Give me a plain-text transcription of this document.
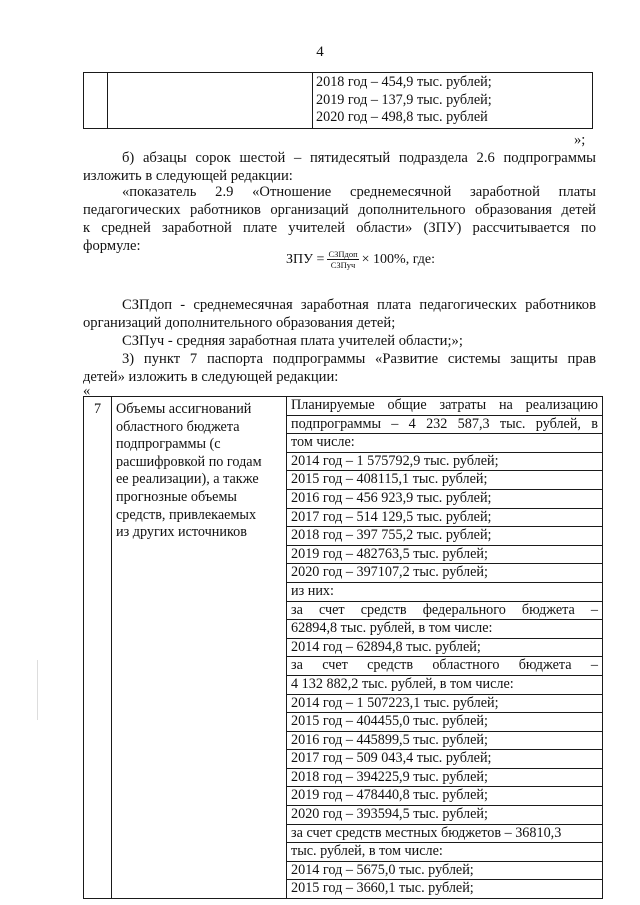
4

2018 год – 454,9 тыс. рублей;
2019 год – 137,9 тыс. рублей;
2020 год – 498,8 тыс. рублей
»;
б) абзацы сорок шестой – пятидесятый подраздела 2.6 подпрограммы
изложить в следующей редакции:
«показатель 2.9 «Отношение среднемесячной заработной платы
педагогических работников организаций дополнительного образования детей
к средней заработной плате учителей области» (ЗПУ) рассчитывается по
формуле:
ЗПУ = $\frac{\text{СЗПдоп}}{\text{СЗПуч}} \times 100\%$, где:
СЗПдоп - среднемесячная заработная плата педагогических работников
организаций дополнительного образования детей;
СЗПуч - средняя заработная плата учителей области;»;
3) пункт 7 паспорта подпрограммы «Развитие системы защиты прав
детей» изложить в следующей редакции:
«
7	Объемы ассигнований
областного бюджета
подпрограммы (с
расшифровкой по годам
ее реализации), а также
прогнозные объемы
средств, привлекаемых
из других источников

Планируемые общие затраты на реализацию
подпрограммы – 4 232 587,3 тыс. рублей, в
том числе:
2014 год – 1 575792,9 тыс. рублей;
2015 год – 408115,1 тыс. рублей;
2016 год – 456 923,9 тыс. рублей;
2017 год – 514 129,5 тыс. рублей;
2018 год – 397 755,2 тыс. рублей;
2019 год – 482763,5 тыс. рублей;
2020 год – 397107,2 тыс. рублей;
из них:
за счет средств федерального бюджета –
62894,8 тыс. рублей, в том числе:
2014 год – 62894,8 тыс. рублей;
за счет средств областного бюджета –
4 132 882,2 тыс. рублей, в том числе:
2014 год – 1 507223,1 тыс. рублей;
2015 год – 404455,0 тыс. рублей;
2016 год – 445899,5 тыс. рублей;
2017 год – 509 043,4 тыс. рублей;
2018 год – 394225,9 тыс. рублей;
2019 год – 478440,8 тыс. рублей;
2020 год – 393594,5 тыс. рублей;
за счет средств местных бюджетов – 36810,3
тыс. рублей, в том числе:
2014 год – 5675,0 тыс. рублей;
2015 год – 3660,1 тыс. рублей;
